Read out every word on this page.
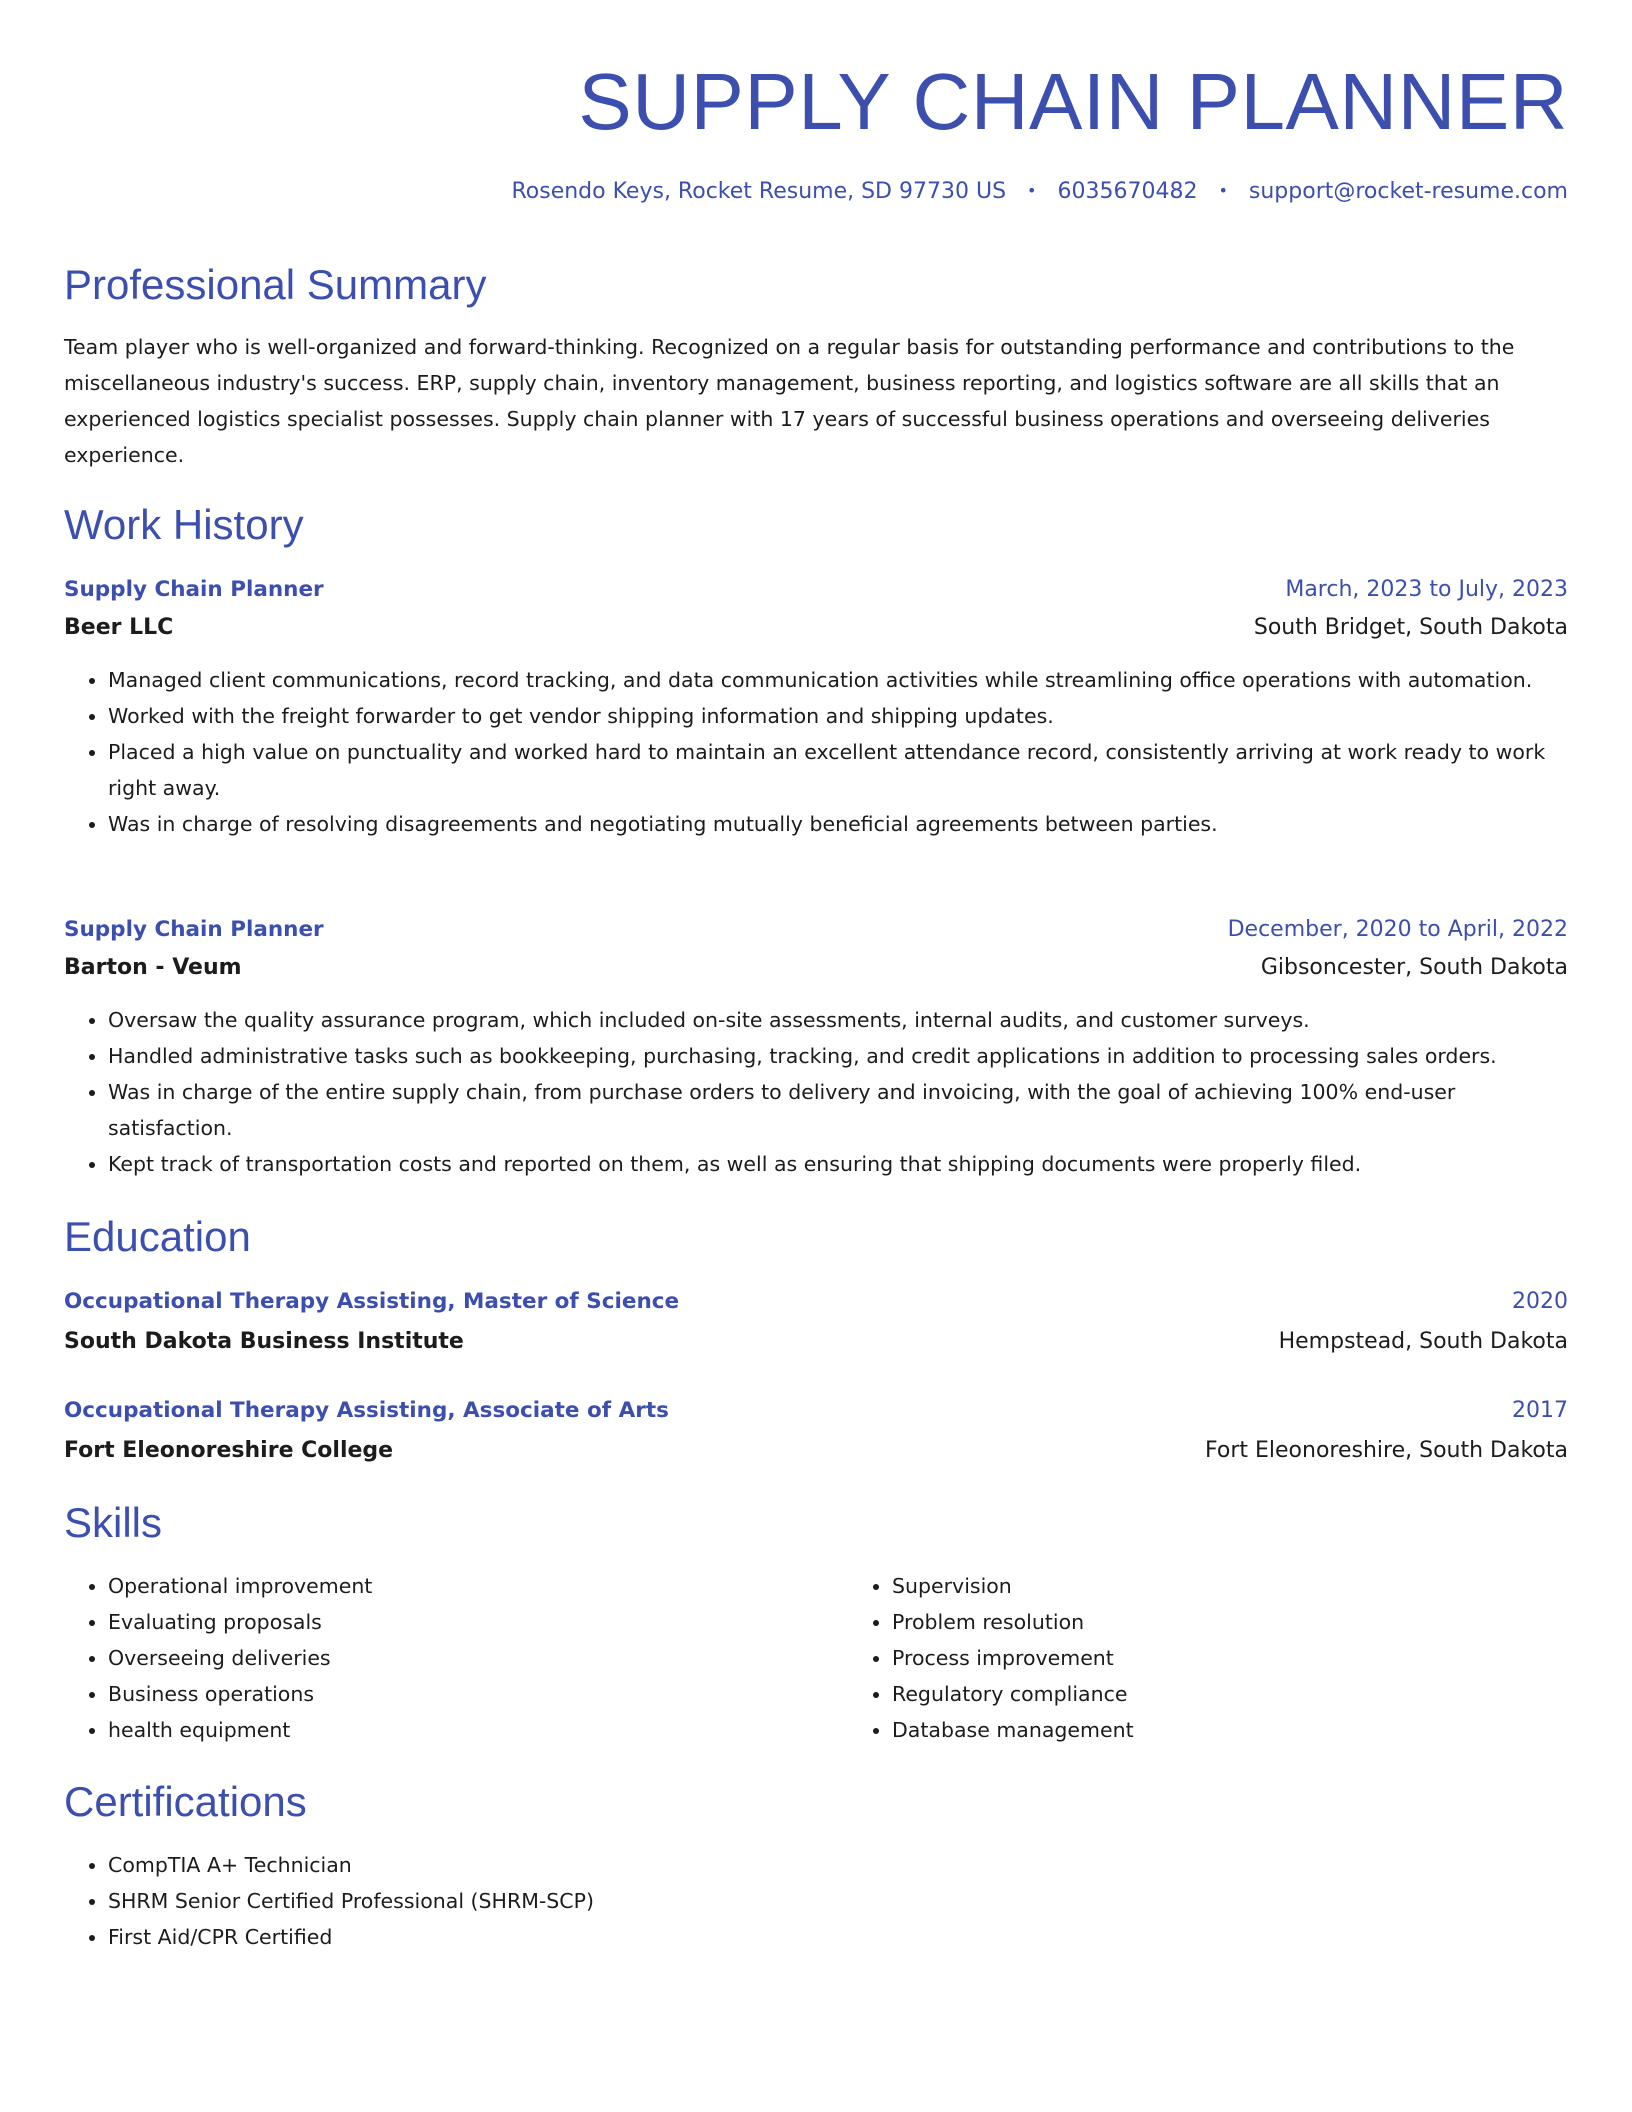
SUPPLY CHAIN PLANNER
Rosendo Keys, Rocket Resume, SD 97730 US • 6035670482 • support@rocket-resume.com
Professional Summary

Team player who is well-organized and forward-thinking. Recognized on a regular basis for outstanding performance and contributions to the miscellaneous industry's success. ERP, supply chain, inventory management, business reporting, and logistics software are all skills that an experienced logistics specialist possesses. Supply chain planner with 17 years of successful business operations and overseeing deliveries experience.

Work History
Supply Chain Planner	March, 2023 to July, 2023
Beer LLC	South Bridget, South Dakota
• Managed client communications, record tracking, and data communication activities while streamlining office operations with automation.
• Worked with the freight forwarder to get vendor shipping information and shipping updates.
• Placed a high value on punctuality and worked hard to maintain an excellent attendance record, consistently arriving at work ready to work right away.
• Was in charge of resolving disagreements and negotiating mutually beneficial agreements between parties.
Supply Chain Planner	December, 2020 to April, 2022
Barton - Veum	Gibsoncester, South Dakota
• Oversaw the quality assurance program, which included on-site assessments, internal audits, and customer surveys.
• Handled administrative tasks such as bookkeeping, purchasing, tracking, and credit applications in addition to processing sales orders.
• Was in charge of the entire supply chain, from purchase orders to delivery and invoicing, with the goal of achieving 100% end-user satisfaction.
• Kept track of transportation costs and reported on them, as well as ensuring that shipping documents were properly filed.
Education
Occupational Therapy Assisting, Master of Science	2020
South Dakota Business Institute	Hempstead, South Dakota
Occupational Therapy Assisting, Associate of Arts	2017
Fort Eleonoreshire College	Fort Eleonoreshire, South Dakota
Skills
• Operational improvement
• Evaluating proposals
• Overseeing deliveries
• Business operations
• health equipment
• Supervision
• Problem resolution
• Process improvement
• Regulatory compliance
• Database management
Certifications
• CompTIA A+ Technician
• SHRM Senior Certified Professional (SHRM-SCP)
• First Aid/CPR Certified
